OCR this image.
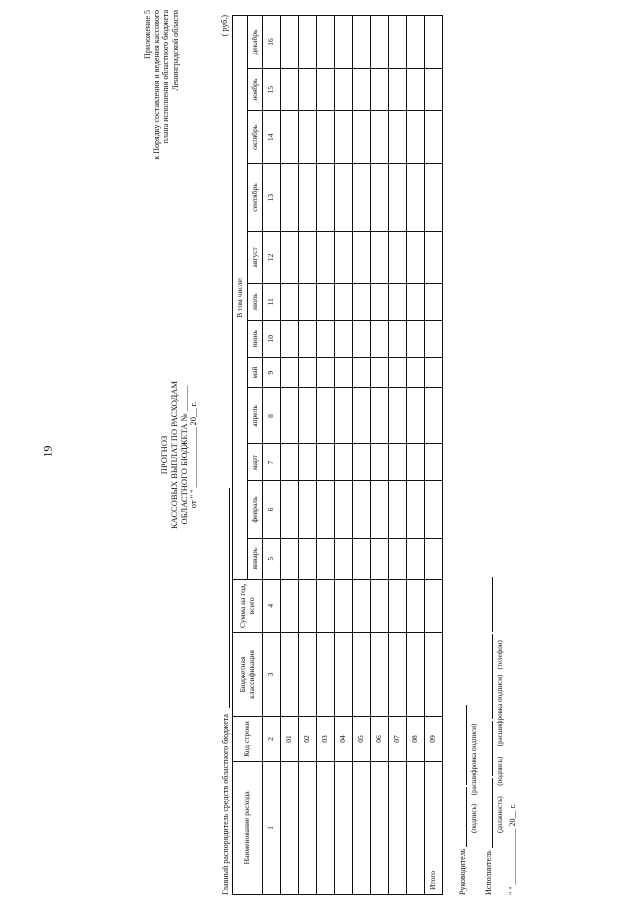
19
Приложение 5 к Порядку составления и ведения кассового плана исполнения областного бюджета Ленинградской области
ПРОГНОЗ КАССОВЫХ ВЫПЛАТ ПО РАСХОДАМ ОБЛАСТНОГО БЮДЖЕТА № ______
от " " ______________ 20__ г.
Главный распорядитель средств областного бюджета
( руб.)
Наименование расхода	Код строки	Бюджетная классификация	Сумма на год, всего	В том числе:											
				январь	февраль	март	апрель	май	июнь	июль	август	сентябрь	октябрь	ноябрь	декабрь
1	2	3	4	5	6	7	8	9	10	11	12	13	14	15	16
	01														
	02														
	03														
	04														
	05														
	06														
	07														
	08														
Итого	09														
Руководитель
(подпись)     (расшифровка подписи)
Исполнитель
(должность)      (подпись)      (расшифровка подписи)   (телефон)
" " ______________ 20__ г.
